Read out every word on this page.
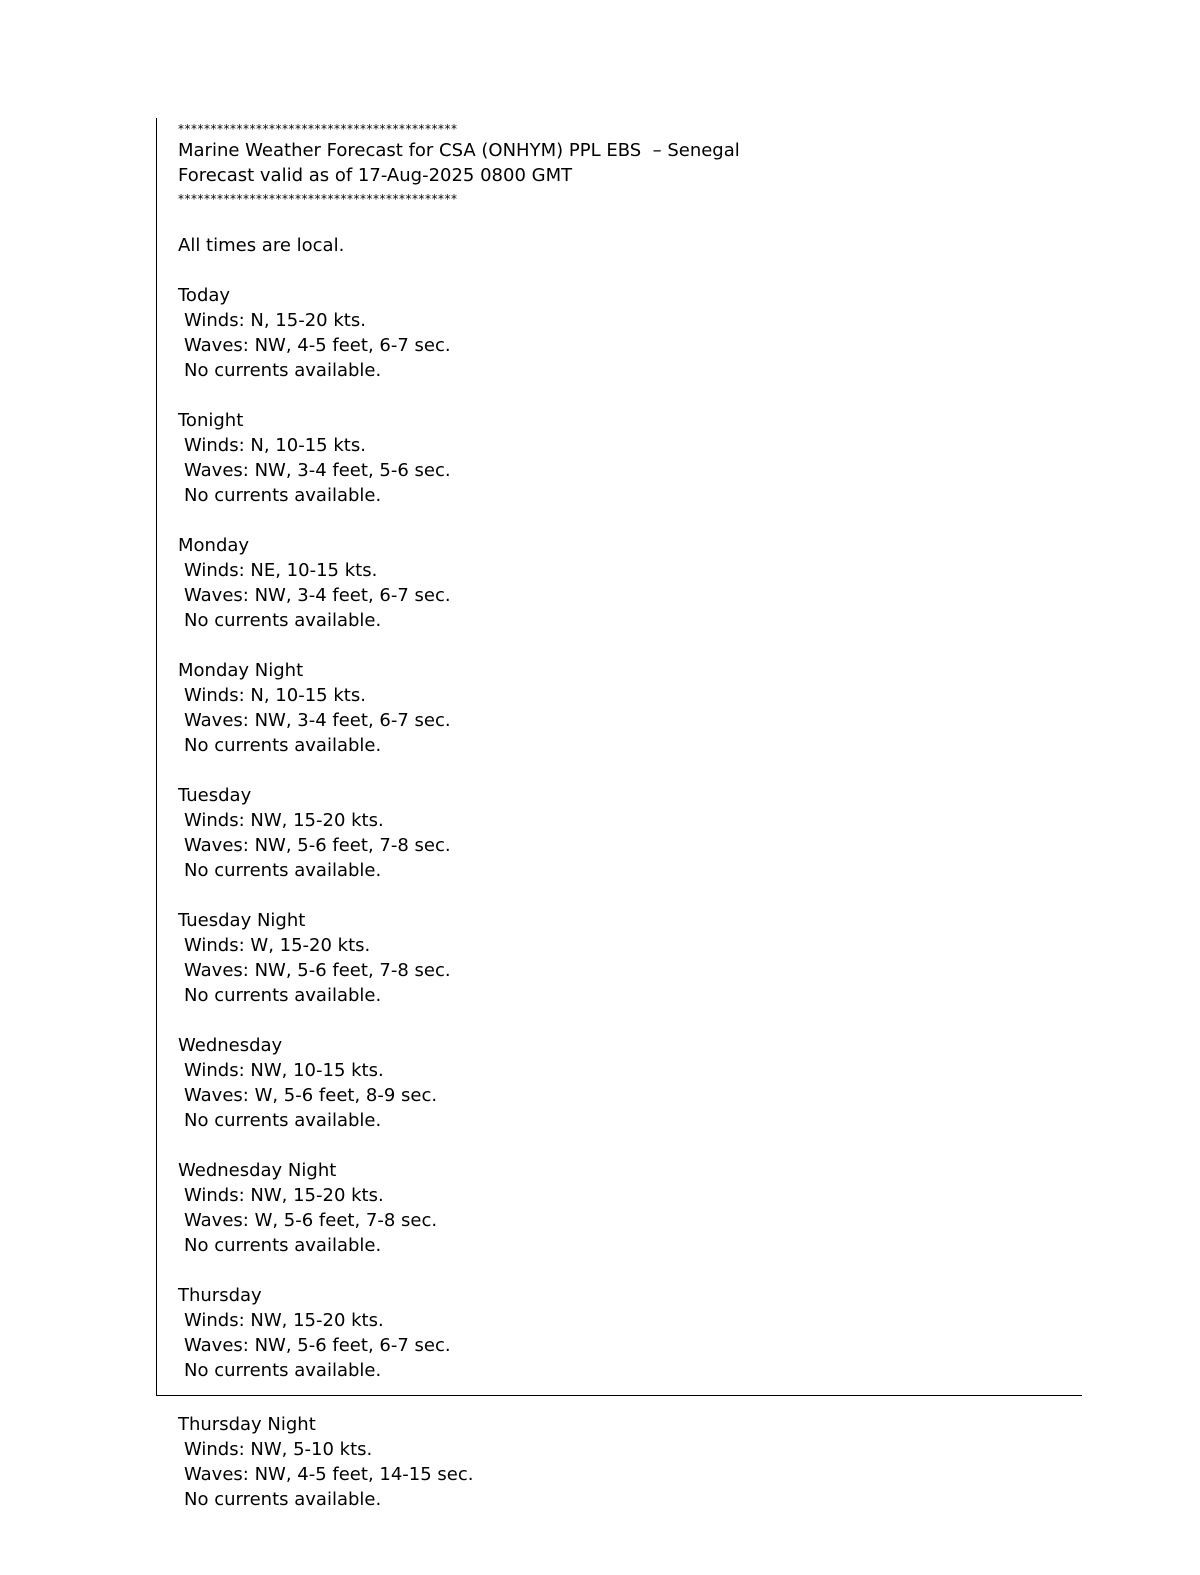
*******************************************
Marine Weather Forecast for CSA (ONHYM) PPL EBS  – Senegal
Forecast valid as of 17-Aug-2025 0800 GMT
*******************************************
All times are local.
Today
Winds: N, 15-20 kts.
Waves: NW, 4-5 feet, 6-7 sec.
No currents available.
Tonight
Winds: N, 10-15 kts.
Waves: NW, 3-4 feet, 5-6 sec.
No currents available.
Monday
Winds: NE, 10-15 kts.
Waves: NW, 3-4 feet, 6-7 sec.
No currents available.
Monday Night
Winds: N, 10-15 kts.
Waves: NW, 3-4 feet, 6-7 sec.
No currents available.
Tuesday
Winds: NW, 15-20 kts.
Waves: NW, 5-6 feet, 7-8 sec.
No currents available.
Tuesday Night
Winds: W, 15-20 kts.
Waves: NW, 5-6 feet, 7-8 sec.
No currents available.
Wednesday
Winds: NW, 10-15 kts.
Waves: W, 5-6 feet, 8-9 sec.
No currents available.
Wednesday Night
Winds: NW, 15-20 kts.
Waves: W, 5-6 feet, 7-8 sec.
No currents available.
Thursday
Winds: NW, 15-20 kts.
Waves: NW, 5-6 feet, 6-7 sec.
No currents available.
Thursday Night
Winds: NW, 5-10 kts.
Waves: NW, 4-5 feet, 14-15 sec.
No currents available.
